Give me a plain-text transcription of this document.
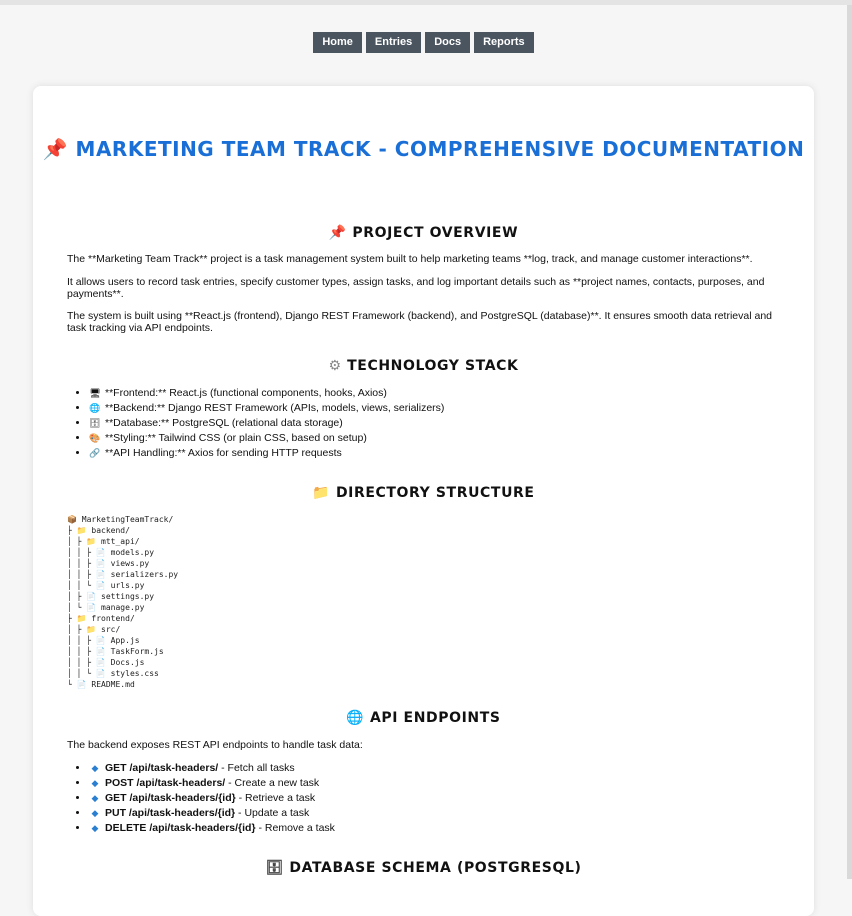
Home Entries Docs Reports
📌 MARKETING TEAM TRACK - COMPREHENSIVE DOCUMENTATION
📌 PROJECT OVERVIEW

The **Marketing Team Track** project is a task management system built to help marketing teams **log, track, and manage customer interactions**.

It allows users to record task entries, specify customer types, assign tasks, and log important details such as **project names, contacts, purposes, and payments**.

The system is built using **React.js (frontend), Django REST Framework (backend), and PostgreSQL (database)**. It ensures smooth data retrieval and task tracking via API endpoints.

⚙ TECHNOLOGY STACK
• 🖥 **Frontend:** React.js (functional components, hooks, Axios)
• 🌐 **Backend:** Django REST Framework (APIs, models, views, serializers)
• 🗄 **Database:** PostgreSQL (relational data storage)
• 🎨 **Styling:** Tailwind CSS (or plain CSS, based on setup)
• 🔗 **API Handling:** Axios for sending HTTP requests
📁 DIRECTORY STRUCTURE
📦 MarketingTeamTrack/
├ 📁 backend/
│ ├ 📁 mtt_api/
│ │ ├ 📄 models.py
│ │ ├ 📄 views.py
│ │ ├ 📄 serializers.py
│ │ └ 📄 urls.py
│ ├ 📄 settings.py
│ └ 📄 manage.py
├ 📁 frontend/
│ ├ 📁 src/
│ │ ├ 📄 App.js
│ │ ├ 📄 TaskForm.js
│ │ ├ 📄 Docs.js
│ │ └ 📄 styles.css
└ 📄 README.md
🌐 API ENDPOINTS

The backend exposes REST API endpoints to handle task data:

• ◆ GET /api/task-headers/ - Fetch all tasks
• ◆ POST /api/task-headers/ - Create a new task
• ◆ GET /api/task-headers/{id} - Retrieve a task
• ◆ PUT /api/task-headers/{id} - Update a task
• ◆ DELETE /api/task-headers/{id} - Remove a task
🗄 DATABASE SCHEMA (POSTGRESQL)
